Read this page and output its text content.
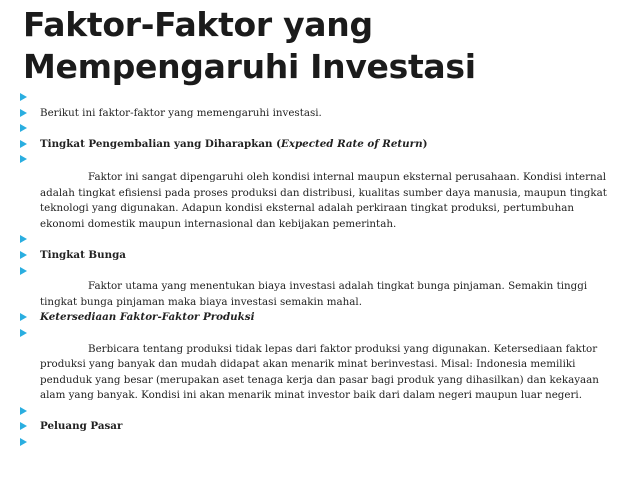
Faktor-Faktor yang Mempengaruhi Investasi
Berikut ini faktor-faktor yang memengaruhi investasi.
Tingkat Pengembalian yang Diharapkan (Expected Rate of Return)
Faktor ini sangat dipengaruhi oleh kondisi internal maupun eksternal perusahaan. Kondisi internal adalah tingkat efisiensi pada proses produksi dan distribusi, kualitas sumber daya manusia, maupun tingkat teknologi yang digunakan. Adapun kondisi eksternal adalah perkiraan tingkat produksi, pertumbuhan ekonomi domestik maupun internasional dan kebijakan pemerintah.
Tingkat Bunga
Faktor utama yang menentukan biaya investasi adalah tingkat bunga pinjaman. Semakin tinggi tingkat bunga pinjaman maka biaya investasi semakin mahal.
Ketersediaan Faktor-Faktor Produksi
Berbicara tentang produksi tidak lepas dari faktor produksi yang digunakan. Ketersediaan faktor produksi yang banyak dan mudah didapat akan menarik minat berinvestasi. Misal: Indonesia memiliki penduduk yang besar (merupakan aset tenaga kerja dan pasar bagi produk yang dihasilkan) dan kekayaan alam yang banyak. Kondisi ini akan menarik minat investor baik dari dalam negeri maupun luar negeri.
Peluang Pasar
